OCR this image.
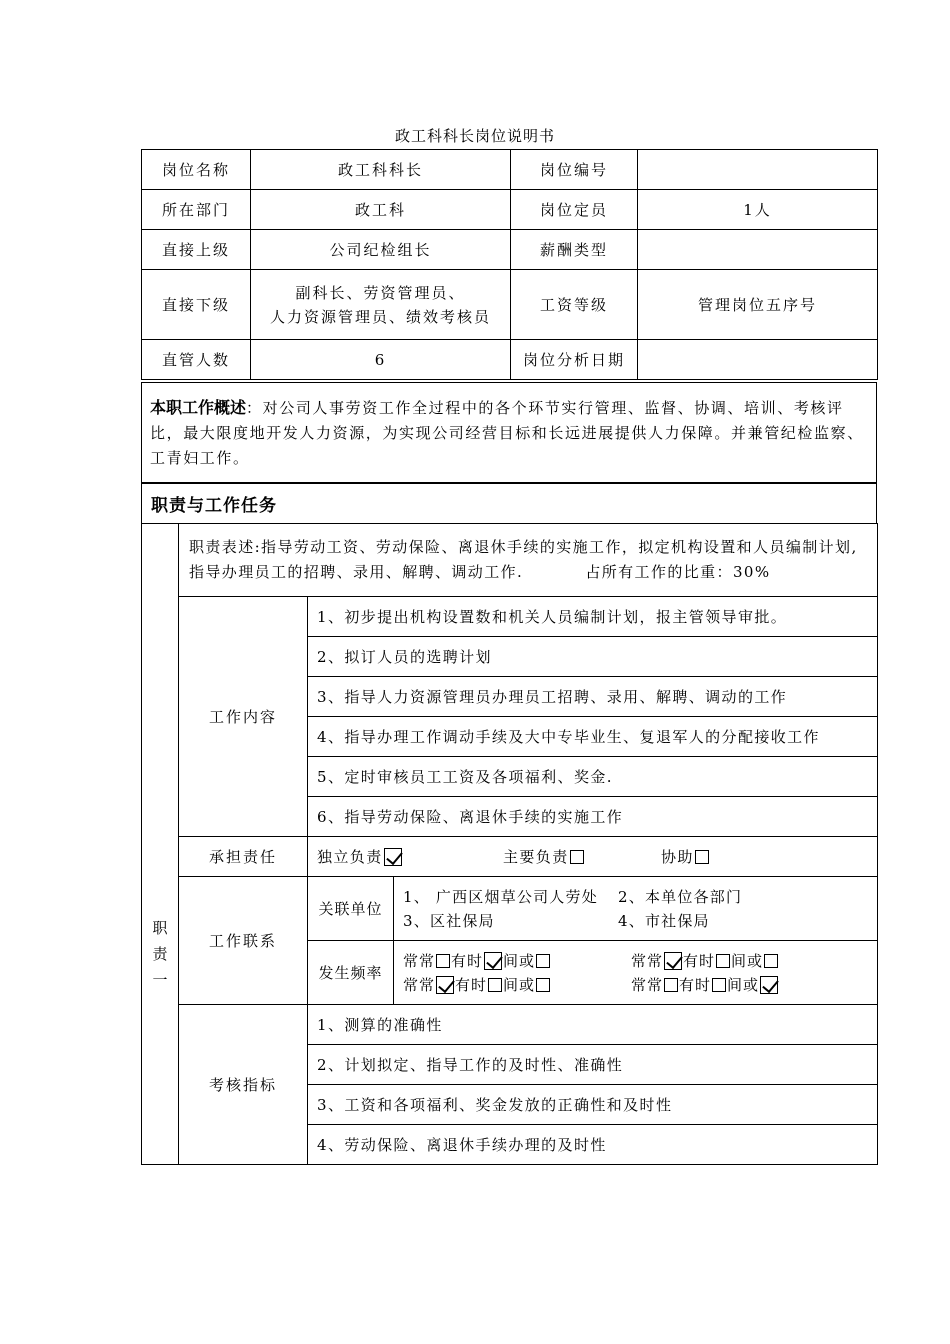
政工科科长岗位说明书
岗位名称	政工科科长	岗位编号	
所在部门	政工科	岗位定员	1人
直接上级	公司纪检组长	薪酬类型	
直接下级	副科长、劳资管理员、
人力资源管理员、绩效考核员	工资等级	管理岗位五序号
直管人数	6	岗位分析日期	
本职工作概述：对公司人事劳资工作全过程中的各个环节实行管理、监督、协调、培训、考核评比，最大限度地开发人力资源，为实现公司经营目标和长远进展提供人力保障。并兼管纪检监察、工青妇工作。
职责与工作任务
职
责
一	职责表述:指导劳动工资、劳动保险、离退休手续的实施工作，拟定机构设置和人员编制计划,指导办理员工的招聘、录用、解聘、调动工作. 占所有工作的比重：30%		
	工作内容	1、初步提出机构设置数和机关人员编制计划，报主管领导审批。	
		2、拟订人员的选聘计划	
		3、指导人力资源管理员办理员工招聘、录用、解聘、调动的工作	
		4、指导办理工作调动手续及大中专毕业生、复退军人的分配接收工作	
		5、定时审核员工工资及各项福利、奖金.	
		6、指导劳动保险、离退休手续的实施工作	
	承担责任	独立负责 主要负责 协助	
	工作联系	关联单位	1、 广西区烟草公司人劳处 2、本单位各部门
3、区社保局 4、市社保局

		发生频率	常常 有时 间或 常常 有时 间或
常常 有时 间或 常常 有时 间或

	考核指标	1、测算的准确性	
		2、计划拟定、指导工作的及时性、准确性	
		3、工资和各项福利、奖金发放的正确性和及时性	
		4、劳动保险、离退休手续办理的及时性	
